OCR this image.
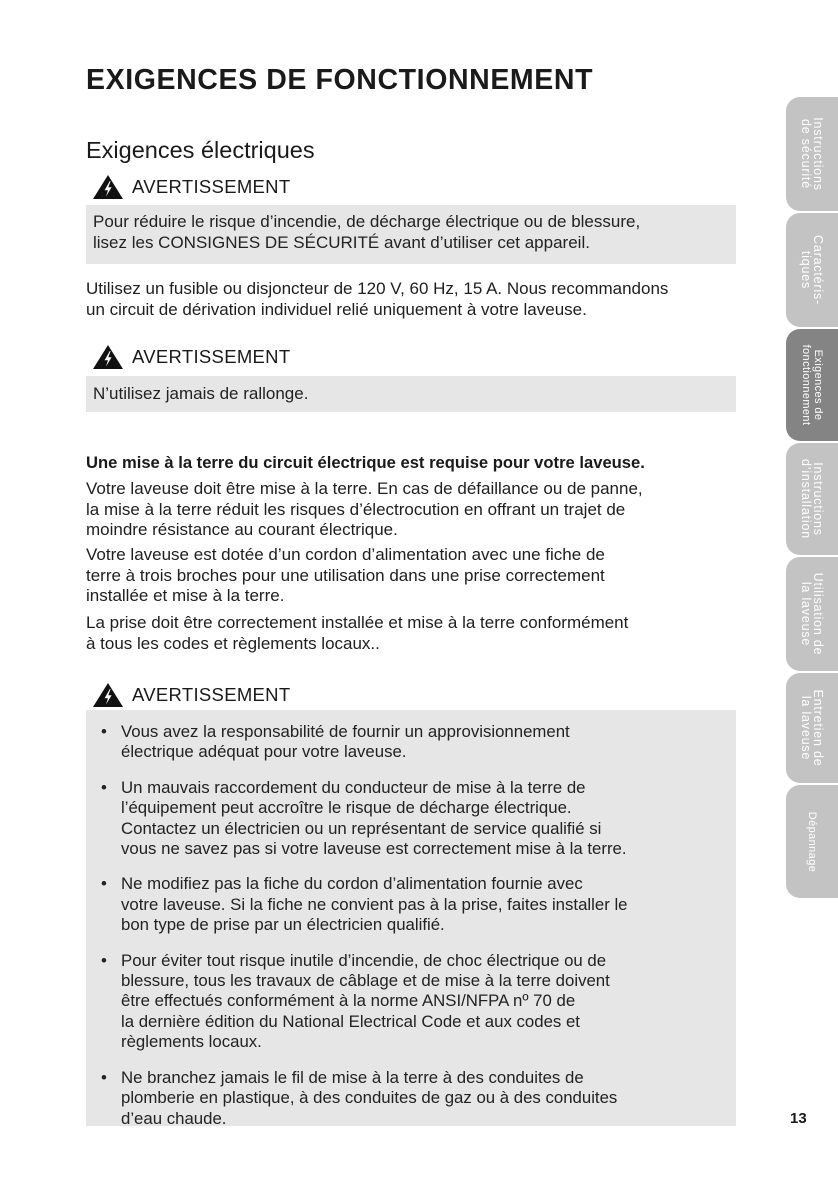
EXIGENCES DE FONCTIONNEMENT
Exigences électriques
AVERTISSEMENT
Pour réduire le risque d’incendie, de décharge électrique ou de blessure,
lisez les CONSIGNES DE SÉCURITÉ avant d’utiliser cet appareil.
Utilisez un fusible ou disjoncteur de 120 V, 60 Hz, 15 A. Nous recommandons
un circuit de dérivation individuel relié uniquement à votre laveuse.
AVERTISSEMENT
N’utilisez jamais de rallonge.
Une mise à la terre du circuit électrique est requise pour votre laveuse.
Votre laveuse doit être mise à la terre. En cas de défaillance ou de panne,
la mise à la terre réduit les risques d’électrocution en offrant un trajet de
moindre résistance au courant électrique.
Votre laveuse est dotée d’un cordon d’alimentation avec une fiche de
terre à trois broches pour une utilisation dans une prise correctement
installée et mise à la terre.
La prise doit être correctement installée et mise à la terre conformément
à tous les codes et règlements locaux..
AVERTISSEMENT
• Vous avez la responsabilité de fournir un approvisionnement
électrique adéquat pour votre laveuse.
• Un mauvais raccordement du conducteur de mise à la terre de
l’équipement peut accroître le risque de décharge électrique.
Contactez un électricien ou un représentant de service qualifié si
vous ne savez pas si votre laveuse est correctement mise à la terre.
• Ne modifiez pas la fiche du cordon d’alimentation fournie avec
votre laveuse. Si la fiche ne convient pas à la prise, faites installer le
bon type de prise par un électricien qualifié.
• Pour éviter tout risque inutile d’incendie, de choc électrique ou de
blessure, tous les travaux de câblage et de mise à la terre doivent
être effectués conformément à la norme ANSI/NFPA nº 70 de
la dernière édition du National Electrical Code et aux codes et
règlements locaux.
• Ne branchez jamais le fil de mise à la terre à des conduites de
plomberie en plastique, à des conduites de gaz ou à des conduites
d’eau chaude.
Instructions
de sécurité
Caractéris-
tiques
Exigences de
fonctionnement
Instructions
d’installation
Utilisation de
la laveuse
Entretien de
la laveuse
Dépannage
13
